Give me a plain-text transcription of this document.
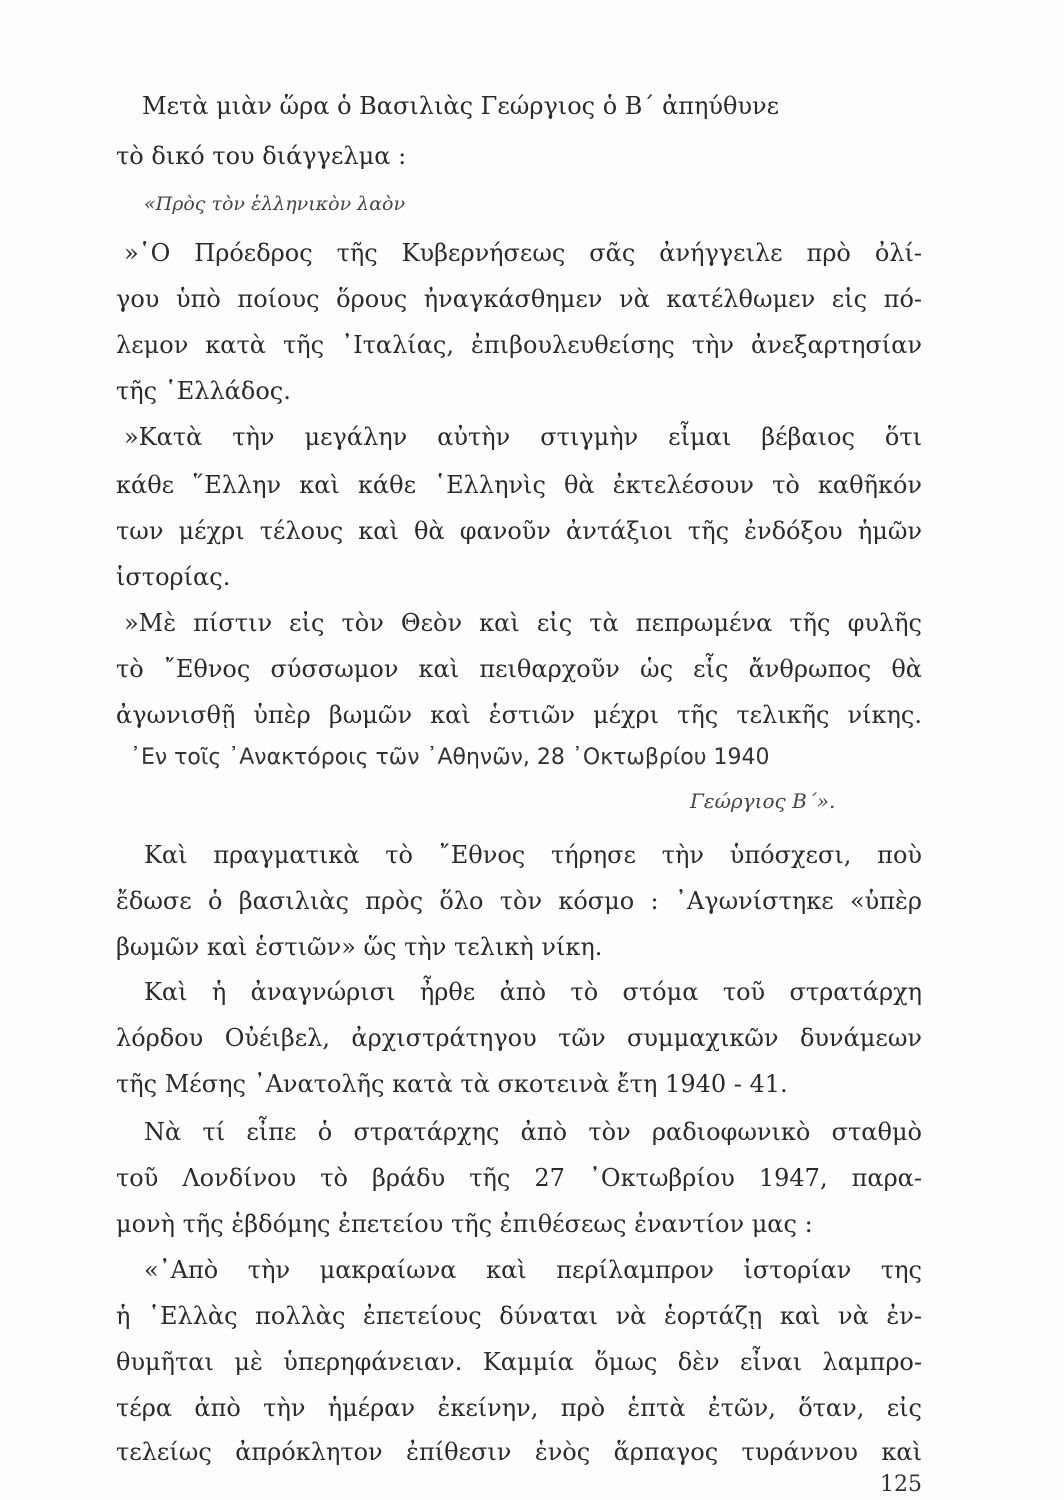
Μετὰ μιὰν ὥρα ὁ Βασιλιὰς Γεώργιος ὁ Β΄ ἀπηύθυνε
τὸ δικό του διάγγελμα :
«Πρὸς τὸν ἑλληνικὸν λαὸν
»῾Ο Πρόεδρος τῆς Κυβερνήσεως σᾶς ἀνήγγειλε πρὸ ὀλί-
γου ὑπὸ ποίους ὅρους ἠναγκάσθημεν νὰ κατέλθωμεν εἰς πό-
λεμον κατὰ τῆς ᾿Ιταλίας, ἐπιβουλευθείσης τὴν ἀνεξαρτησίαν
τῆς ῾Ελλάδος.
»Κατὰ τὴν μεγάλην αὐτὴν στιγμὴν εἶμαι βέβαιος ὅτι
κάθε ῞Ελλην καὶ κάθε ῾Ελληνὶς θὰ ἐκτελέσουν τὸ καθῆκόν
των μέχρι τέλους καὶ θὰ φανοῦν ἀντάξιοι τῆς ἐνδόξου ἡμῶν
ἱστορίας.
»Μὲ πίστιν εἰς τὸν Θεὸν καὶ εἰς τὰ πεπρωμένα τῆς φυλῆς
τὸ ῎Εθνος σύσσωμον καὶ πειθαρχοῦν ὡς εἷς ἄνθρωπος θὰ
ἀγωνισθῇ ὑπὲρ βωμῶν καὶ ἑστιῶν μέχρι τῆς τελικῆς νίκης.
᾿Εν τοῖς ᾿Ανακτόροις τῶν ᾿Αθηνῶν, 28 ᾿Οκτωβρίου 1940
Γεώργιος Β΄».
Καὶ πραγματικὰ τὸ ῎Εθνος τήρησε τὴν ὑπόσχεσι, ποὺ
ἔδωσε ὁ βασιλιὰς πρὸς ὅλο τὸν κόσμο : ᾿Αγωνίστηκε «ὑπὲρ
βωμῶν καὶ ἑστιῶν» ὥς τὴν τελικὴ νίκη.
Καὶ ἡ ἀναγνώρισι ἦρθε ἀπὸ τὸ στόμα τοῦ στρατάρχη
λόρδου Οὐέιβελ, ἀρχιστράτηγου τῶν συμμαχικῶν δυνάμεων
τῆς Μέσης ᾿Ανατολῆς κατὰ τὰ σκοτεινὰ ἔτη 1940 - 41.
Νὰ τί εἶπε ὁ στρατάρχης ἀπὸ τὸν ραδιοφωνικὸ σταθμὸ
τοῦ Λονδίνου τὸ βράδυ τῆς 27 ᾿Οκτωβρίου 1947, παρα-
μονὴ τῆς ἑβδόμης ἐπετείου τῆς ἐπιθέσεως ἐναντίον μας :
«᾿Απὸ τὴν μακραίωνα καὶ περίλαμπρον ἱστορίαν της
ἡ ῾Ελλὰς πολλὰς ἐπετείους δύναται νὰ ἑορτάζῃ καὶ νὰ ἐν-
θυμῆται μὲ ὑπερηφάνειαν. Καμμία ὅμως δὲν εἶναι λαμπρο-
τέρα ἀπὸ τὴν ἡμέραν ἐκείνην, πρὸ ἑπτὰ ἐτῶν, ὅταν, εἰς
τελείως ἀπρόκλητον ἐπίθεσιν ἑνὸς ἅρπαγος τυράννου καὶ
125
